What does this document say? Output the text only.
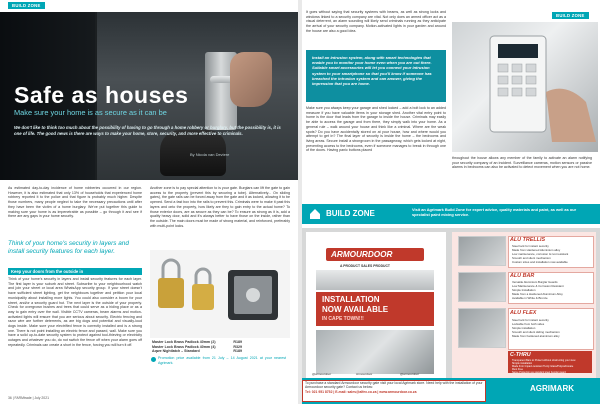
BUILD ZONE
Safe as houses
Make sure your home is as secure as it can be
We don't like to think too much about the possibility of having to go through a home robbery or burglary, but the possibility is, it is one of life. The good news is there are ways to make your home, store, security, and more effective to criminals.
By Nicola van Deviere
As estimated day-to-day incidence of home robberies occurred in our region. However, it is also estimated that only 13% of households that experienced home robbery reported it to the police and that figure is probably much higher. Despite those numbers, many people neglect to take the necessary precautions until after they have been the victim of a home burglary. We've put together this guide to making sure your home is as impenetrable as possible – go through it and see if there are any gaps in your home security.
Think of your home's security in layers and install security features for each layer.
Keep your doors from the outside in
Think of your home's security in layers and install security features for each layer. The first layer is your suburb and street. Subscribe to your neighbourhood watch and join your street or local area WhatsApp security group. If your street doesn't have sufficient street lighting, get the neighbours together and petition your local municipality about installing more lights. You could also consider a boom for your street, and/or a security guard hut. The next layer is the outside of your property. Check for overgrown bushes and trees that could serve as a hiding place or as a way to gain entry over the wall. Visible CCTV cameras, beam alarms and motion-activated lights will ensure that you are serious about security. Electric fencing and razor wire are further deterrents, as are big dogs and potential and visually-loud dogs inside. Make sure your electrified fence is correctly installed and is a strong one. There is not point installing an electric fence and passed, wall. Make sure you have a solid up-to-date security system to protect against tool-thieving or electricity outages and whatever you do, do not switch the fence off when your alarm goes off repeatedly. Criminals can create a short in the fence, forcing you will turn it off.
Another zone is to pay special attention to is your gate. Burglars can lift the gate to gain access to the property (prevent this by securing a tube). Alternatively... On sliding gates), the gate rails can be forced away from the gate and it as locked, allowing it to be opened. Send a fast box into the rails to prevent this. Criminals were to make it past this layers and onto the property, how likely are they to gain entry to the actual home? To those exterior doors, are as secure as they can be? To ensure as strong as it is, add a quality heavy door, solid and it's always better to have those on the inside, rather than the outside. The main doors must be made of strong material, and reinforced, preferably with multi-point locks.
Master Lock Brass Padlock 40mm (2)	R189
Master Lock Brass Padlock 40mm (4)	R329
Aqwe Nightlatch – Standard	R189
Promotion price available from 21 July – 14 August 2021 at your nearest Agrimark.
36 | FARMtrade | July 2021
BUILD ZONE
It goes without saying that security systems with beams, as well as strong locks and windows linked to a security company are vital. Not only does an armed officer act as a visual deterrent, an alarm sounding will likely send criminals running as they anticipate the arrival of your security company. Motion-activated lights in your garden and around the house are also a good idea.
Install an intrusion system, along with smart technologies that enable you to monitor your home even when you are out there. Suitable smart accessories will let you connect your intrusion system to your smartphone so that you'll know if someone has breached the intrusion system and can answer, giving the impression that you are home.
Make sure you always keep your garage and shed locked – add a bolt lock to an added measure if you have valuable items in your storage shed. Another vital entry point to home is the door that leads from the garage to inside the house. Criminals may easily be able to access the garage and from there, they simply walk into your home. As a general rule – walk around your house and think like a criminal. Where are the weak spots? Do you have accidentally stored on at your house, how and where would you attempt to get in? The final layer of security is inside the home – the bedrooms and living areas. Secure install a strongroom in the passageway, which gets locked at night, preventing access to the bedrooms, even if someone manages to break in through one of the doors. Having panic buttons placed
throughout the house allows any member of the family to activate an alarm notifying your security company of an incident. Surveillance cameras, motion sensors or passive alarms in bedrooms can also be activated to detect movement when you are not home.
BUILD ZONE	Visit an Agrimark Build Zone for expert advice, quality materials and paint, as well as our specialist paint mixing service.
ARMOURDOOR
A PRODUCT SALES PRODUCT
INSTALLATION
NOW AVAILABLE
IN CAPE TOWN!!!
ALU TRELLIS
Steel lock for instant security
Made from Hardened Aluminium alloy
Low maintenance, corrosion & rust resistant
Smooth and silent mechanism
Custom sizes and installation now available
ALU BAR
Versatile Aluminium Burglar Guards
Low Maintenance & Corrosion Resistant
Simple Installation
Made from a Hardened Aluminium Alloy
Available in White & Bronze
ALU FLEX
Steel lock for instant security
Lockable from both sides
Simple installation
Smooth and silent sliding mechanism
Made from hardened aluminium alloy
C-THRU
Transparent Bars to Protect without obstructing your view
Simple installation
Made from Impact-resistant Tivoly Glass/Polycarbonate
Rust Free
Same Protection as standard steel burglar guard
@armourdoor	Armourdoor	@armourdoor
To purchase a standard Armourdoor security gate visit your local Agrimark store. Need help with the installation of your Armourdoor security gate? Contact us below:
Tel: 021 951 8752 | E-mail: sales@alfex.co.za | www.armourdoor.co.za	AGRIMARK
